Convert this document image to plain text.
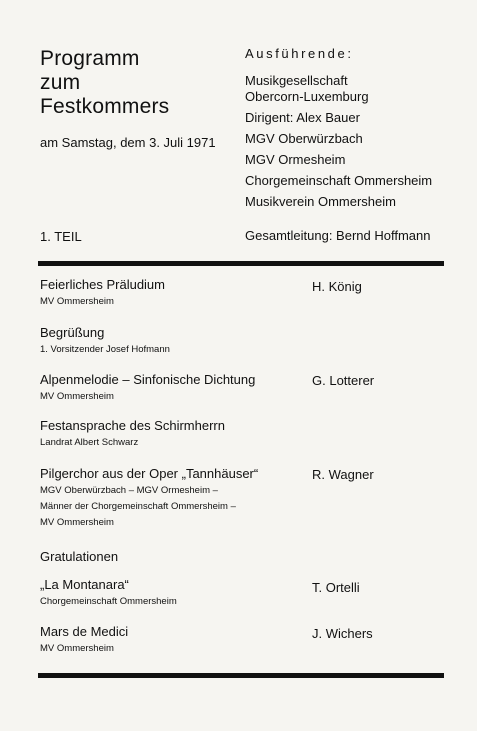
Programm
zum
Festkommers
am Samstag, dem 3. Juli 1971
Ausführende:
Musikgesellschaft
Obercorn-Luxemburg
Dirigent: Alex Bauer
MGV Oberwürzbach
MGV Ormesheim
Chorgemeinschaft Ommersheim
Musikverein Ommersheim
1. TEIL	Gesamtleitung: Bernd Hoffmann
Feierliches Präludium
MV Ommersheim
H. König
Begrüßung
1. Vorsitzender Josef Hofmann
Alpenmelodie – Sinfonische Dichtung
MV Ommersheim
G. Lotterer
Festansprache des Schirmherrn
Landrat Albert Schwarz
Pilgerchor aus der Oper „Tannhäuser“
MGV Oberwürzbach – MGV Ormesheim –
Männer der Chorgemeinschaft Ommersheim –
MV Ommersheim
R. Wagner
Gratulationen
„La Montanara“
Chorgemeinschaft Ommersheim
T. Ortelli
Mars de Medici
MV Ommersheim
J. Wichers
